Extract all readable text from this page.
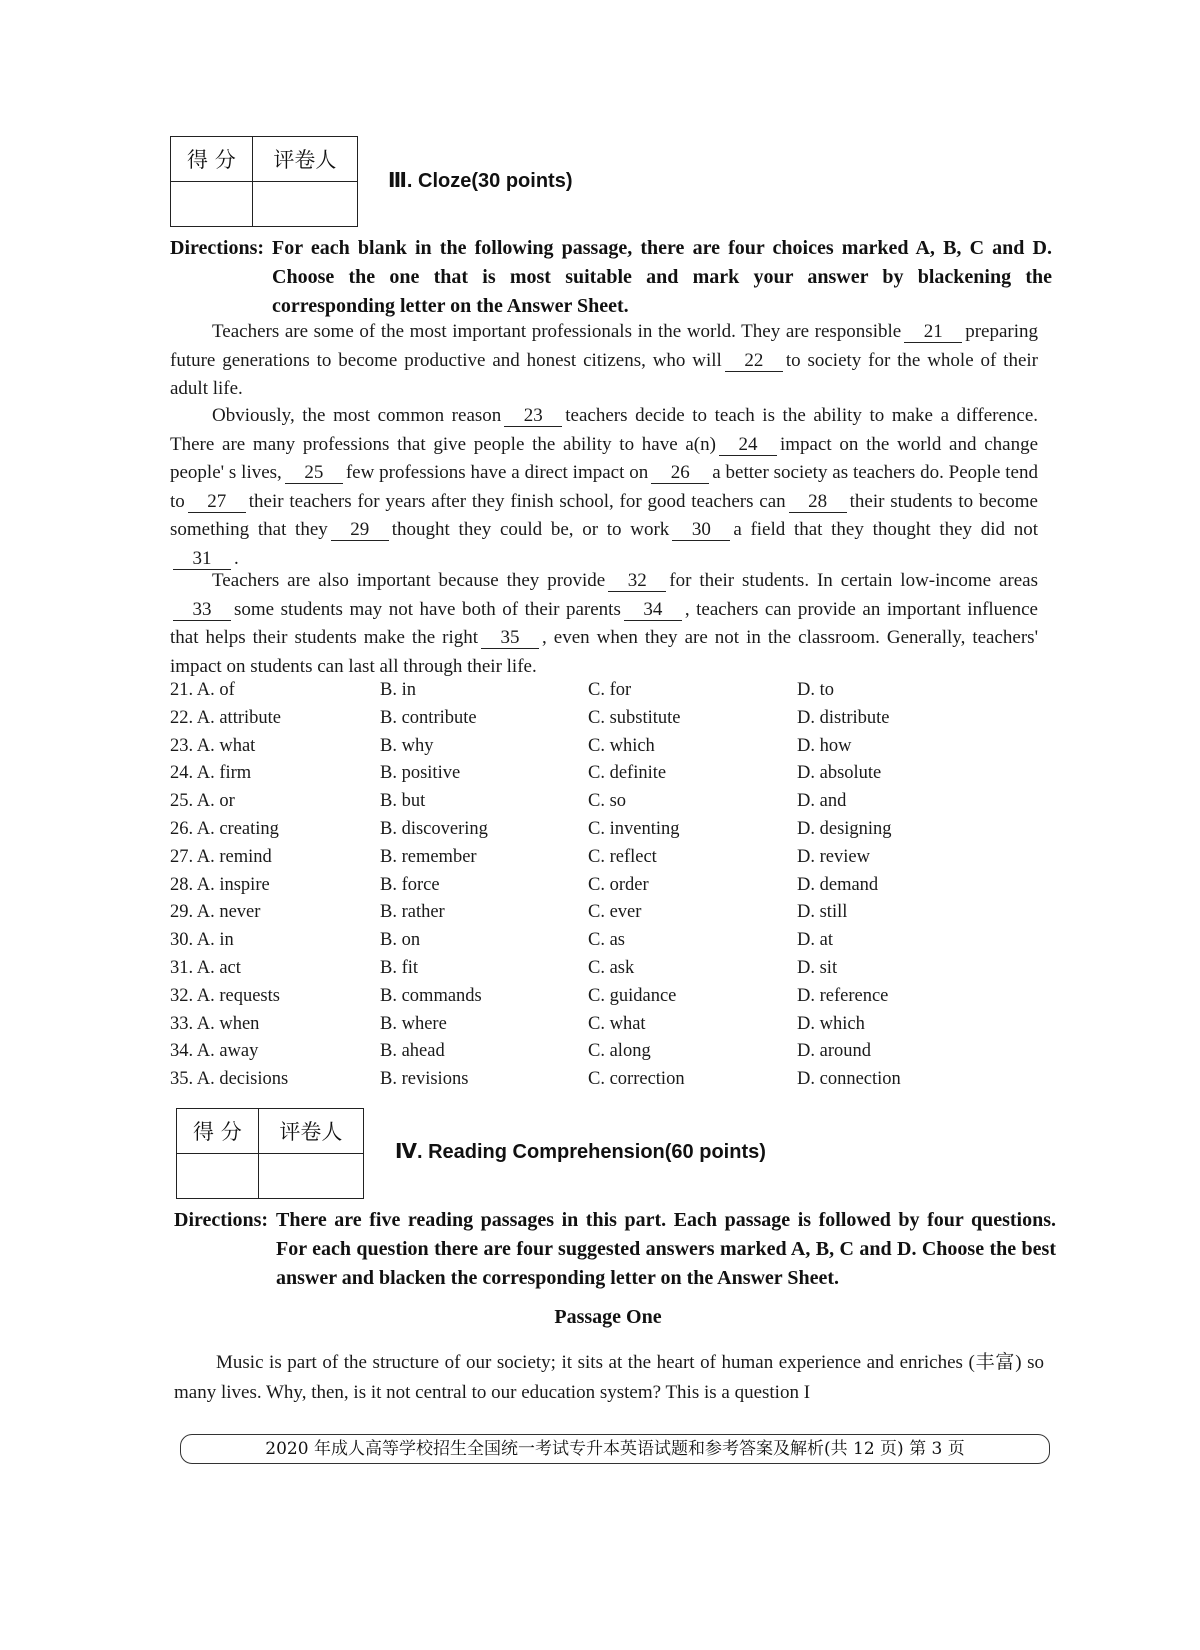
得 分	评卷人

Ⅲ. Cloze(30 points)
Directions: For each blank in the following passage, there are four choices marked A, B, C and D. Choose the one that is most suitable and mark your answer by blackening the corresponding letter on the Answer Sheet.
Teachers are some of the most important professionals in the world. They are responsible 21 preparing future generations to become productive and honest citizens, who will 22 to society for the whole of their adult life.
Obviously, the most common reason 23 teachers decide to teach is the ability to make a difference. There are many professions that give people the ability to have a(n) 24 impact on the world and change people' s lives, 25 few professions have a direct impact on 26 a better society as teachers do. People tend to 27 their teachers for years after they finish school, for good teachers can 28 their students to become something that they 29 thought they could be, or to work 30 a field that they thought they did not31 .
Teachers are also important because they provide 32 for their students. In certain low-income areas33 some students may not have both of their parents 34 , teachers can provide an important influence that helps their students make the right 35 , even when they are not in the classroom. Generally, teachers' impact on students can last all through their life.
21. A. of	B. in	C. for	D. to
22. A. attribute	B. contribute	C. substitute	D. distribute
23. A. what	B. why	C. which	D. how
24. A. firm	B. positive	C. definite	D. absolute
25. A. or	B. but	C. so	D. and
26. A. creating	B. discovering	C. inventing	D. designing
27. A. remind	B. remember	C. reflect	D. review
28. A. inspire	B. force	C. order	D. demand
29. A. never	B. rather	C. ever	D. still
30. A. in	B. on	C. as	D. at
31. A. act	B. fit	C. ask	D. sit
32. A. requests	B. commands	C. guidance	D. reference
33. A. when	B. where	C. what	D. which
34. A. away	B. ahead	C. along	D. around
35. A. decisions	B. revisions	C. correction	D. connection
得 分	评卷人

Ⅳ. Reading Comprehension(60 points)
Directions: There are five reading passages in this part. Each passage is followed by four questions. For each question there are four suggested answers marked A, B, C and D. Choose the best answer and blacken the corresponding letter on the Answer Sheet.
Passage One
Music is part of the structure of our society; it sits at the heart of human experience and enriches (丰富) so many lives. Why, then, is it not central to our education system? This is a question I
2020 年成人高等学校招生全国统一考试专升本英语试题和参考答案及解析(共 12 页) 第 3 页
